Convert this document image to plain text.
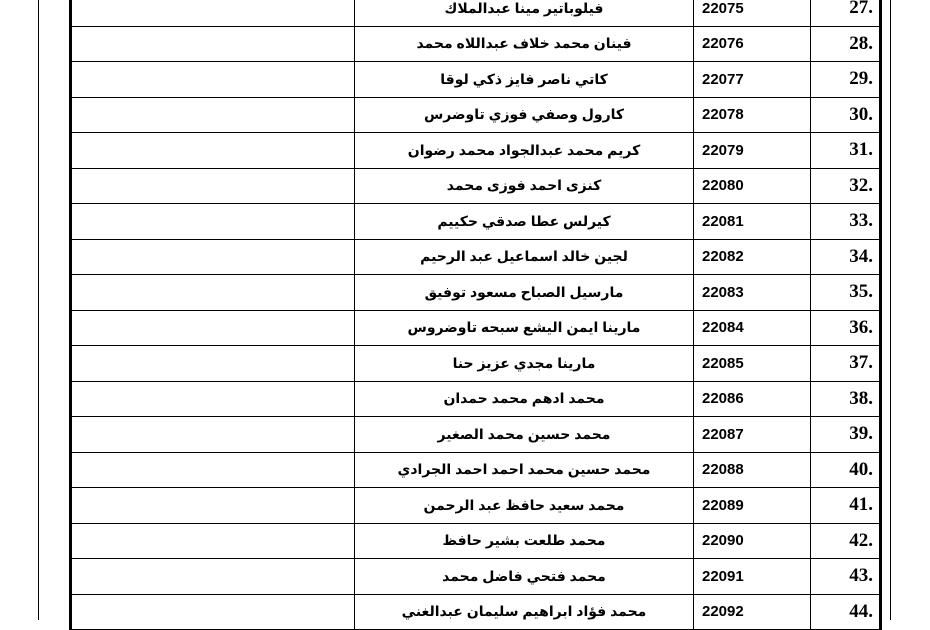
	فيلوباتير مينا عبدالملاك	22075	27.
	فينان محمد خلاف عبداللاه محمد	22076	28.
	كاتي ناصر فايز ذكي لوقا	22077	29.
	كارول وصفي فوزي تاوضرس	22078	30.
	كريم محمد عبدالجواد محمد رضوان	22079	31.
	كنزى احمد فوزى محمد	22080	32.
	كيرلس عطا صدقي حكييم	22081	33.
	لجين خالد اسماعيل عبد الرحيم	22082	34.
	مارسيل الصباح مسعود توفيق	22083	35.
	مارينا ايمن اليشع سبحه تاوضروس	22084	36.
	مارينا مجدي عزيز حنا	22085	37.
	محمد ادهم محمد حمدان	22086	38.
	محمد حسين محمد الصغير	22087	39.
	محمد حسين محمد احمد احمد الجرادي	22088	40.
	محمد سعيد حافظ عبد الرحمن	22089	41.
	محمد طلعت بشير حافظ	22090	42.
	محمد فتحي فاضل محمد	22091	43.
	محمد فؤاد ابراهيم سليمان عبدالغني	22092	44.
